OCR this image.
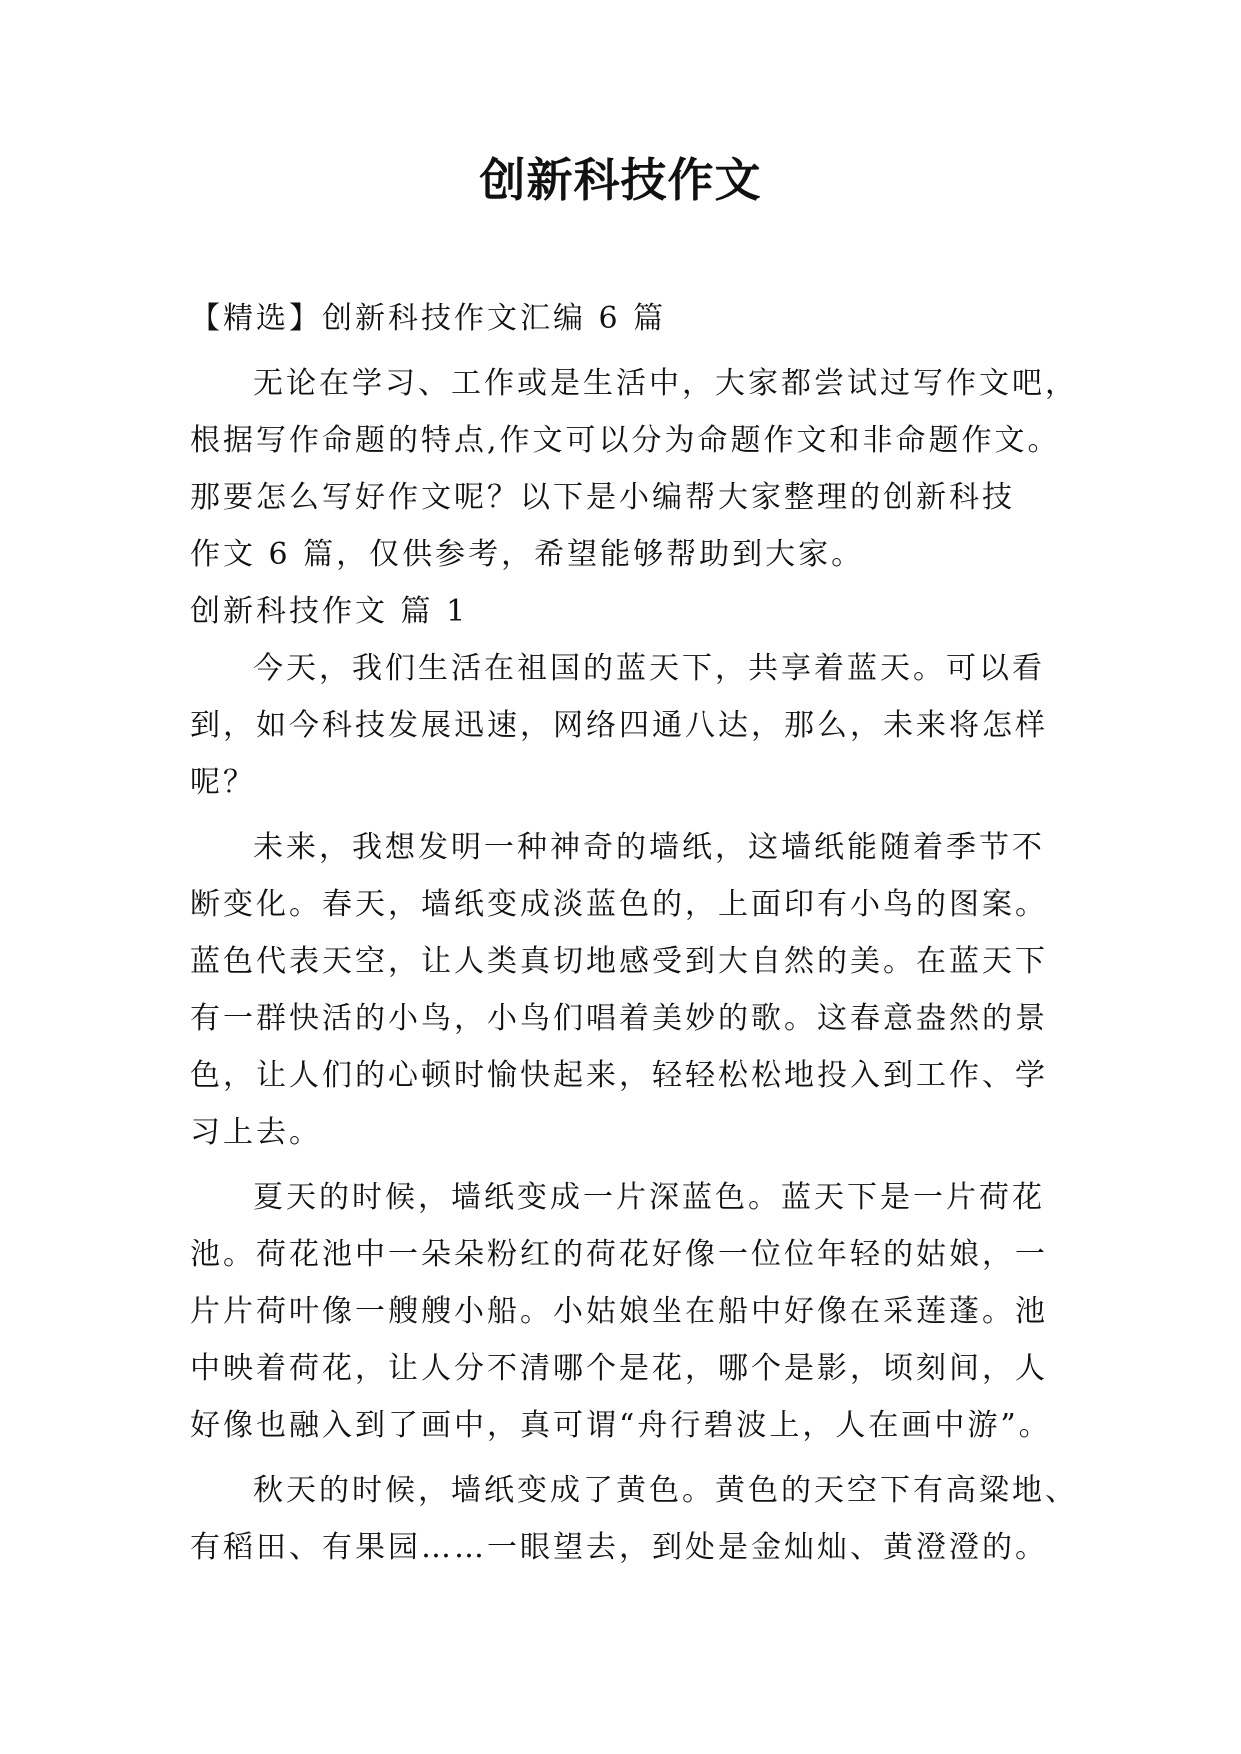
创新科技作文
【精选】创新科技作文汇编 6 篇
无论在学习、工作或是生活中，大家都尝试过写作文吧，
根据写作命题的特点,作文可以分为命题作文和非命题作文。
那要怎么写好作文呢？以下是小编帮大家整理的创新科技
作文 6 篇，仅供参考，希望能够帮助到大家。
创新科技作文 篇 1
今天，我们生活在祖国的蓝天下，共享着蓝天。可以看
到，如今科技发展迅速，网络四通八达，那么，未来将怎样
呢？
未来，我想发明一种神奇的墙纸，这墙纸能随着季节不
断变化。春天，墙纸变成淡蓝色的，上面印有小鸟的图案。
蓝色代表天空，让人类真切地感受到大自然的美。在蓝天下
有一群快活的小鸟，小鸟们唱着美妙的歌。这春意盎然的景
色，让人们的心顿时愉快起来，轻轻松松地投入到工作、学
习上去。
夏天的时候，墙纸变成一片深蓝色。蓝天下是一片荷花
池。荷花池中一朵朵粉红的荷花好像一位位年轻的姑娘，一
片片荷叶像一艘艘小船。小姑娘坐在船中好像在采莲蓬。池
中映着荷花，让人分不清哪个是花，哪个是影，顷刻间，人
好像也融入到了画中，真可谓“舟行碧波上，人在画中游”。
秋天的时候，墙纸变成了黄色。黄色的天空下有高粱地、
有稻田、有果园……一眼望去，到处是金灿灿、黄澄澄的。
